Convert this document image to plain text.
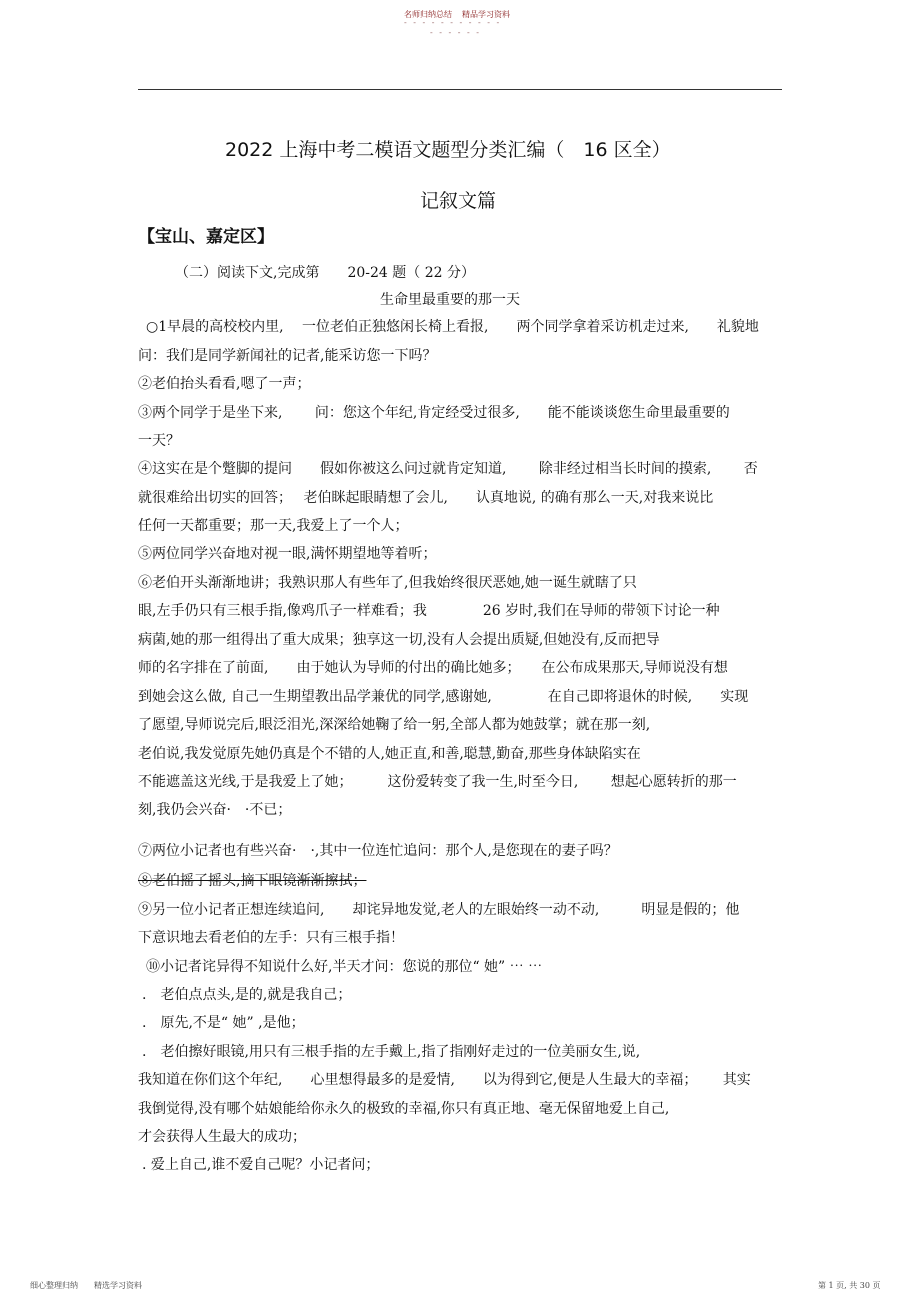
名师归纳总结 精品学习资料
- - - - - - - - - - -
- - - - - -
2022 上海中考二模语文题型分类汇编（　16 区全）
记叙文篇
【宝山、嘉定区】
（二）阅读下文,完成第　　20-24 题（ 22 分）
生命里最重要的那一天
○1早晨的高校校内里,　 一位老伯正独悠闲长椅上看报,　　两个同学拿着采访机走过来,　　礼貌地
问：我们是同学新闻社的记者,能采访您一下吗？
②老伯抬头看看,嗯了一声；
③两个同学于是坐下来,　　 问：您这个年纪,肯定经受过很多,　　能不能谈谈您生命里最重要的
一天？
④这实在是个蹩脚的提问　　假如你被这么问过就肯定知道,　　 除非经过相当长时间的摸索,　　 否
就很难给出切实的回答；　 老伯眯起眼睛想了会儿,　　认真地说, 的确有那么一天,对我来说比
任何一天都重要；那一天,我爱上了一个人；
⑤两位同学兴奋地对视一眼,满怀期望地等着听；
⑥老伯开头渐渐地讲；我熟识那人有些年了,但我始终很厌恶她,她一诞生就瞎了只
眼,左手仍只有三根手指,像鸡爪子一样难看；我　　　　26 岁时,我们在导师的带领下讨论一种
病菌,她的那一组得出了重大成果；独享这一切,没有人会提出质疑,但她没有,反而把导
师的名字排在了前面,　　由于她认为导师的付出的确比她多；　　在公布成果那天,导师说没有想
到她会这么做, 自己一生期望教出品学兼优的同学,感谢她,　　　　在自己即将退休的时候,　　实现
了愿望,导师说完后,眼泛泪光,深深给她鞠了给一躬,全部人都为她鼓掌；就在那一刻,
老伯说,我发觉原先她仍真是个不错的人,她正直,和善,聪慧,勤奋,那些身体缺陷实在
不能遮盖这光线,于是我爱上了她；　　　这份爱转变了我一生,时至今日,　　 想起心愿转折的那一
刻,我仍会兴奋·　·不已；
⑦两位小记者也有些兴奋·　·,其中一位连忙追问：那个人,是您现在的妻子吗？
⑧老伯摇了摇头,摘下眼镜渐渐擦拭；
⑨另一位小记者正想连续追问,　　却诧异地发觉,老人的左眼始终一动不动,　　　明显是假的；他
下意识地去看老伯的左手：只有三根手指！
⑩小记者诧异得不知说什么好,半天才问：您说的那位“ 她” ⋯ ⋯
.　老伯点点头,是的,就是我自己；
.　原先,不是“ 她” ,是他；
.　老伯擦好眼镜,用只有三根手指的左手戴上,指了指刚好走过的一位美丽女生,说,
我知道在你们这个年纪,　　心里想得最多的是爱情,　　以为得到它,便是人生最大的幸福；　　 其实
我倒觉得,没有哪个姑娘能给你永久的极致的幸福,你只有真正地、毫无保留地爱上自己,
才会获得人生最大的成功；
. 爱上自己,谁不爱自己呢？小记者问；
细心整理归纳　　精选学习资料	第 1 页, 共 30 页
